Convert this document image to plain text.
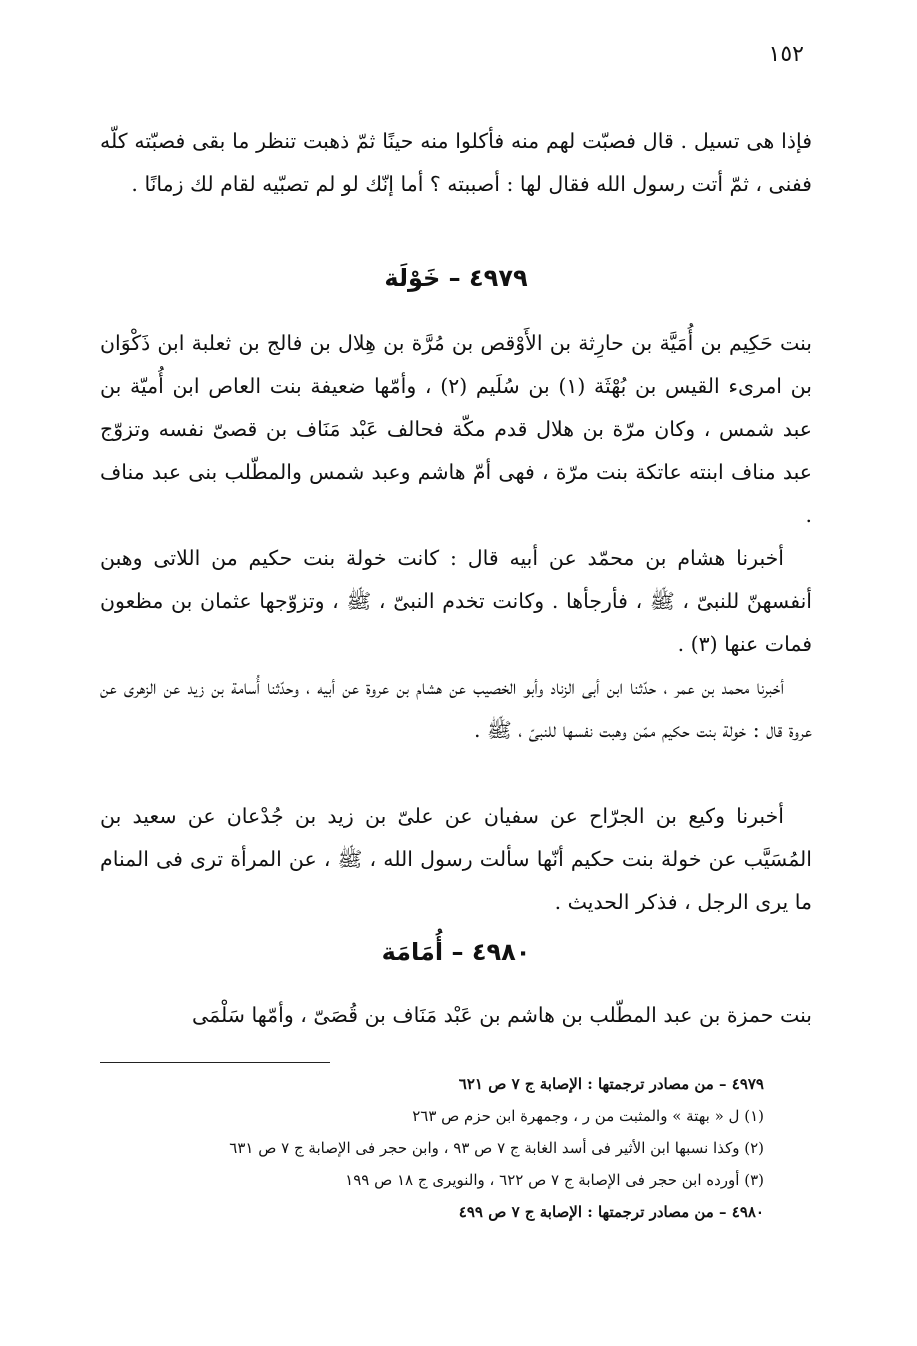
١٥٢

فإذا هى تسيل . قال فصبّت لهم منه فأكلوا منه حينًا ثمّ ذهبت تنظر ما بقى فصبّته كلّه ففنى ، ثمّ أتت رسول الله فقال لها : أصببته ؟ أما إنّك لو لم تصبّيه لقام لك زمانًا .

٤٩٧٩ – خَوْلَة

بنت حَكِيم بن أُمَيَّة بن حارِثة بن الأَوْقص بن مُرَّة بن هِلال بن فالج بن ثعلبة ابن ذَكْوَان بن امرىء القيس بن بُهْثَة (١) بن سُلَيم (٢) ، وأمّها ضعيفة بنت العاص ابن أُميّة بن عبد شمس ، وكان مرّة بن هلال قدم مكّة فحالف عَبْد مَنَاف بن قصىّ نفسه وتزوّج عبد مناف ابنته عاتكة بنت مرّة ، فهى أمّ هاشم وعبد شمس والمطّلب بنى عبد مناف .

أخبرنا هشام بن محمّد عن أبيه قال : كانت خولة بنت حكيم من اللاتى وهبن أنفسهنّ للنبىّ ، ﷺ ، فأرجأها . وكانت تخدم النبىّ ، ﷺ ، وتزوّجها عثمان بن مظعون فمات عنها (٣) .

أخبرنا محمد بن عمر ، حدّثنا ابن أبى الزناد وأبو الخصيب عن هشام بن عروة عن أبيه ، وحدّثنا أُسامة بن زيد عن الزهرى عن عروة قال : خولة بنت حكيم ممّن وهبت نفسها للنبىّ ، ﷺ .

أخبرنا وكيع بن الجرّاح عن سفيان عن علىّ بن زيد بن جُدْعان عن سعيد بن المُسَيَّب عن خولة بنت حكيم أنّها سألت رسول الله ، ﷺ ، عن المرأة ترى فى المنام ما يرى الرجل ، فذكر الحديث .

٤٩٨٠ – أُمَامَة

بنت حمزة بن عبد المطّلب بن هاشم بن عَبْد مَنَاف بن قُصَىّ ، وأمّها سَلْمَى

٤٩٧٩ – من مصادر ترجمتها : الإصابة ج ٧ ص ٦٢١

(١) ل « بهتة » والمثبت من ر ، وجمهرة ابن حزم ص ٢٦٣

(٢) وكذا نسبها ابن الأثير فى أسد الغابة ج ٧ ص ٩٣ ، وابن حجر فى الإصابة ج ٧ ص ٦٣١

(٣) أورده ابن حجر فى الإصابة ج ٧ ص ٦٢٢ ، والنويرى ج ١٨ ص ١٩٩

٤٩٨٠ – من مصادر ترجمتها : الإصابة ج ٧ ص ٤٩٩
